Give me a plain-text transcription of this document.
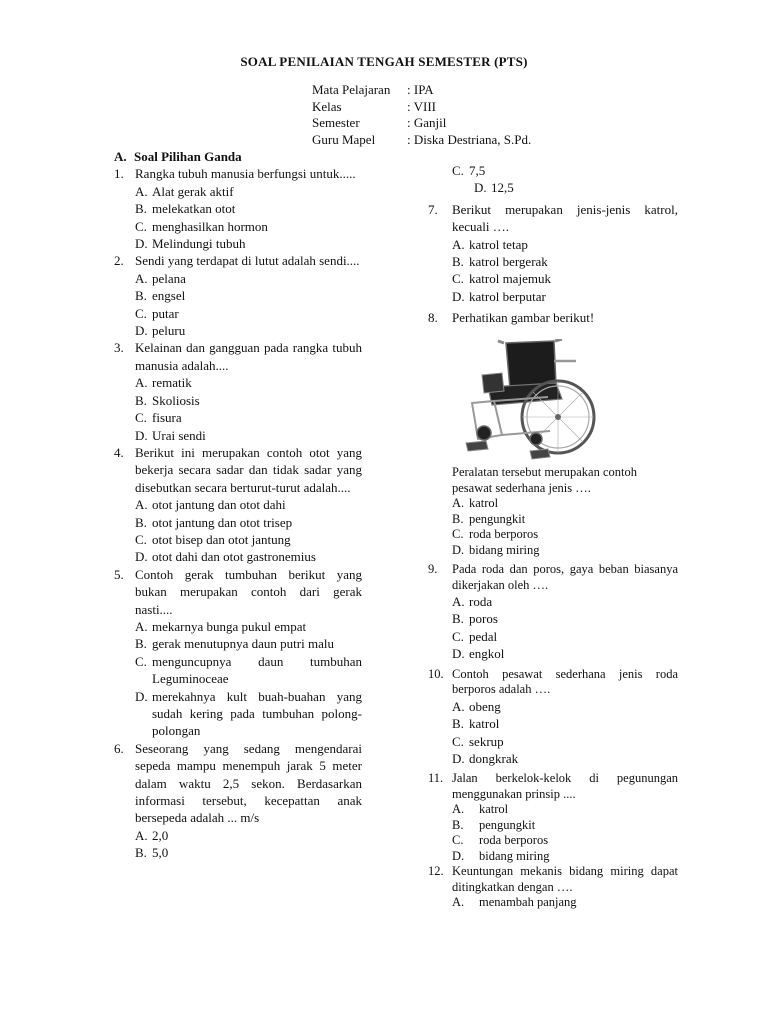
SOAL PENILAIAN TENGAH SEMESTER (PTS)
Mata Pelajaran	: IPA
Kelas	: VIII
Semester	: Ganjil
Guru Mapel	: Diska Destriana, S.Pd.
A. Soal Pilihan Ganda
1. Rangka tubuh manusia berfungsi untuk.....
A. Alat gerak aktif
B. melekatkan otot
C. menghasilkan hormon
D. Melindungi tubuh
2. Sendi yang terdapat di lutut adalah sendi....
A. pelana
B. engsel
C. putar
D. peluru
3. Kelainan dan gangguan pada rangka tubuh manusia adalah....
A. rematik
B. Skoliosis
C. fisura
D. Urai sendi
4. Berikut ini merupakan contoh otot yang bekerja secara sadar dan tidak sadar yang disebutkan secara berturut-turut adalah....
A. otot jantung dan otot dahi
B. otot jantung dan otot trisep
C. otot bisep dan otot jantung
D. otot dahi dan otot gastronemius
5. Contoh gerak tumbuhan berikut yang bukan merupakan contoh dari gerak nasti....
A. mekarnya bunga pukul empat
B. gerak menutupnya daun putri malu
C. menguncupnya daun tumbuhan Leguminoceae
D. merekahnya kult buah-buahan yang sudah kering pada tumbuhan polong-polongan
6. Seseorang yang sedang mengendarai sepeda mampu menempuh jarak 5 meter dalam waktu 2,5 sekon. Berdasarkan informasi tersebut, kecepattan anak bersepeda adalah ... m/s
A. 2,0
B. 5,0
C. 7,5
D. 12,5
7.	Berikut merupakan jenis-jenis katrol, kecuali ….
A. katrol tetap
B. katrol bergerak
C. katrol majemuk
D. katrol berputar
8.	Perhatikan gambar berikut!
Peralatan tersebut merupakan contoh pesawat sederhana jenis ….
A. katrol
B. pengungkit
C. roda berporos
D. bidang miring
9.	Pada roda dan poros, gaya beban biasanya dikerjakan oleh ….
A. roda
B. poros
C. pedal
D. engkol
10. Contoh pesawat sederhana jenis roda berporos adalah ….
A. obeng
B. katrol
C. sekrup
D. dongkrak
11. Jalan berkelok-kelok di pegunungan menggunakan prinsip ....
A.	katrol
B.	pengungkit
C.	roda berporos
D.	bidang miring
12. Keuntungan mekanis bidang miring dapat ditingkatkan dengan ….
A.	menambah panjang
